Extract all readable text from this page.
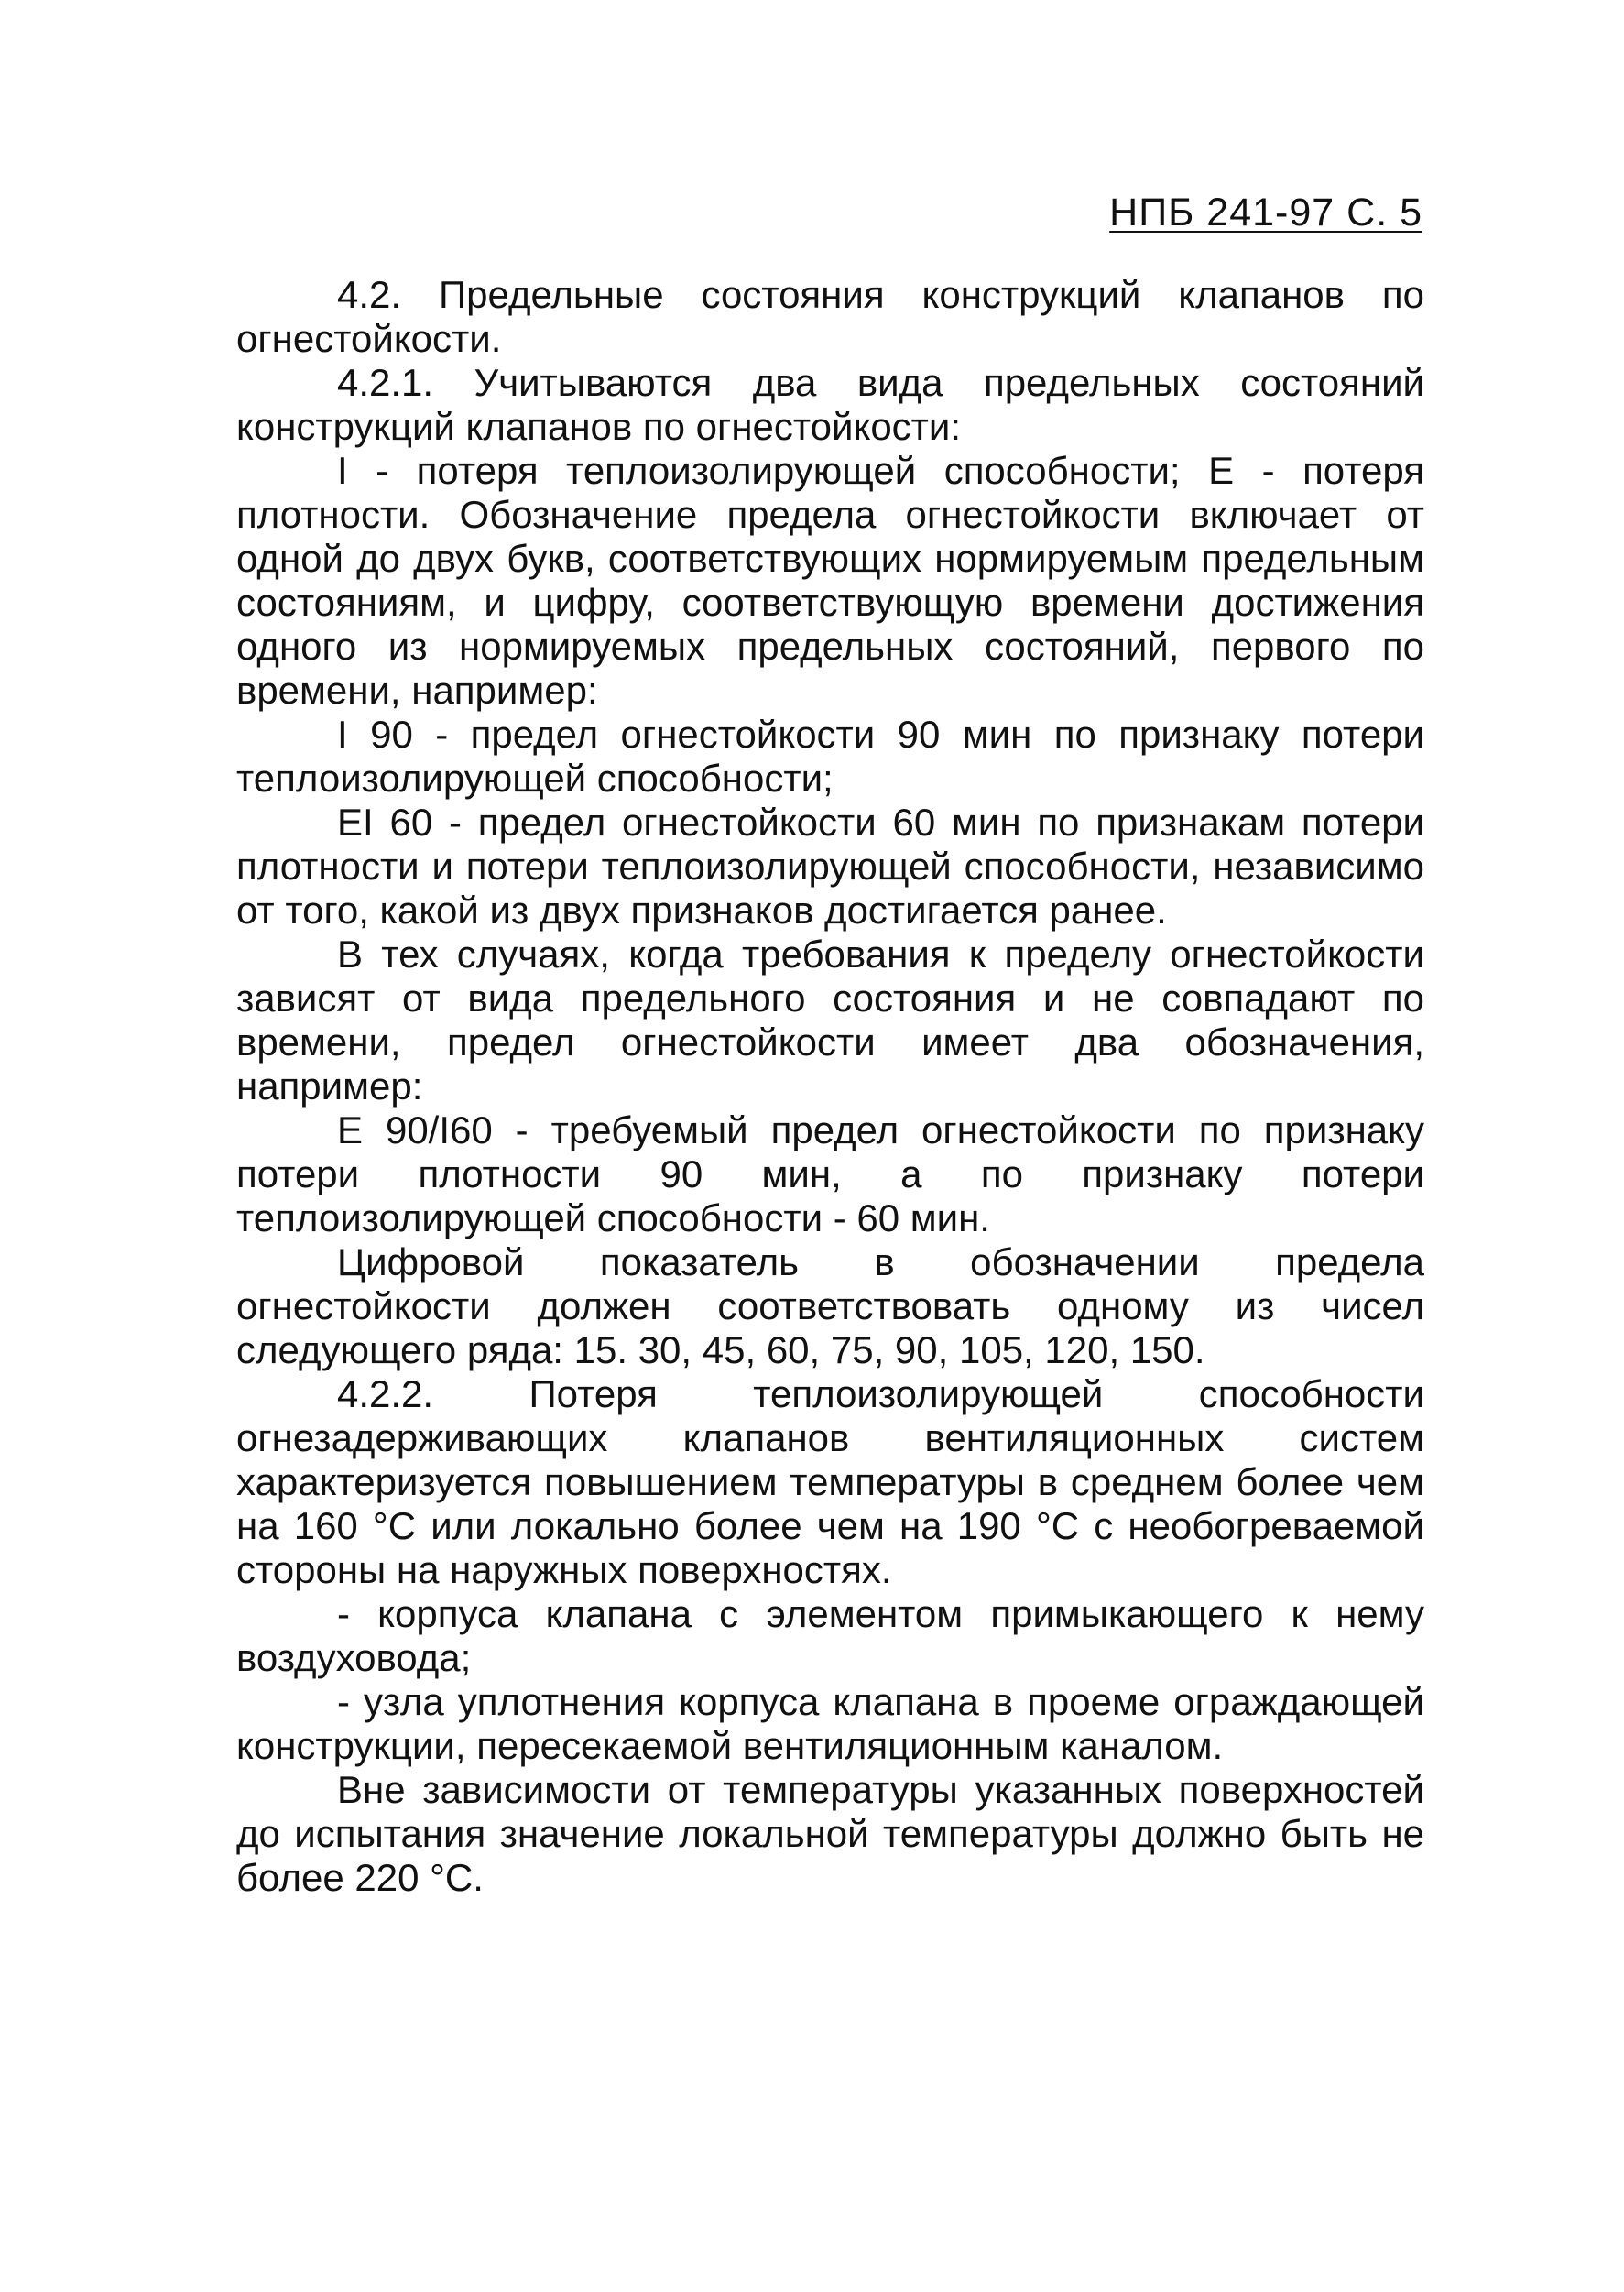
НПБ 241-97 С. 5

4.2. Предельные состояния конструкций клапанов по огнестойкости.

4.2.1. Учитываются два вида предельных состояний конструкций клапанов по огнестойкости:

I - потеря теплоизолирующей способности; Е - потеря плотности. Обозначение предела огнестойкости включает от одной до двух букв, соответствующих нормируемым предельным состояниям, и цифру, соответствующую времени достижения одного из нормируемых предельных состояний, первого по времени, например:

I 90 - предел огнестойкости 90 мин по признаку потери теплоизолирующей способности;

EI 60 - предел огнестойкости 60 мин по признакам потери плотности и потери теплоизолирующей способности, независимо от того, какой из двух признаков достигается ранее.

В тех случаях, когда требования к пределу огнестойкости зависят от вида предельного состояния и не совпадают по времени, предел огнестойкости имеет два обозначения, например:

Е 90/I60 - требуемый предел огнестойкости по признаку потери плотности 90 мин, а по признаку потери теплоизолирующей способности - 60 мин.

Цифровой показатель в обозначении предела огнестойкости должен соответствовать одному из чисел следующего ряда: 15. 30, 45, 60, 75, 90, 105, 120, 150.

4.2.2. Потеря теплоизолирующей способности огнезадерживающих клапанов вентиляционных систем характеризуется повышением температуры в среднем более чем на 160 °С или локально более чем на 190 °С с необогреваемой стороны на наружных поверхностях.

- корпуса клапана с элементом примыкающего к нему воздуховода;

- узла уплотнения корпуса клапана в проеме ограждающей конструкции, пересекаемой вентиляционным каналом.

Вне зависимости от температуры указанных поверхностей до испытания значение локальной температуры должно быть не более 220 °С.
